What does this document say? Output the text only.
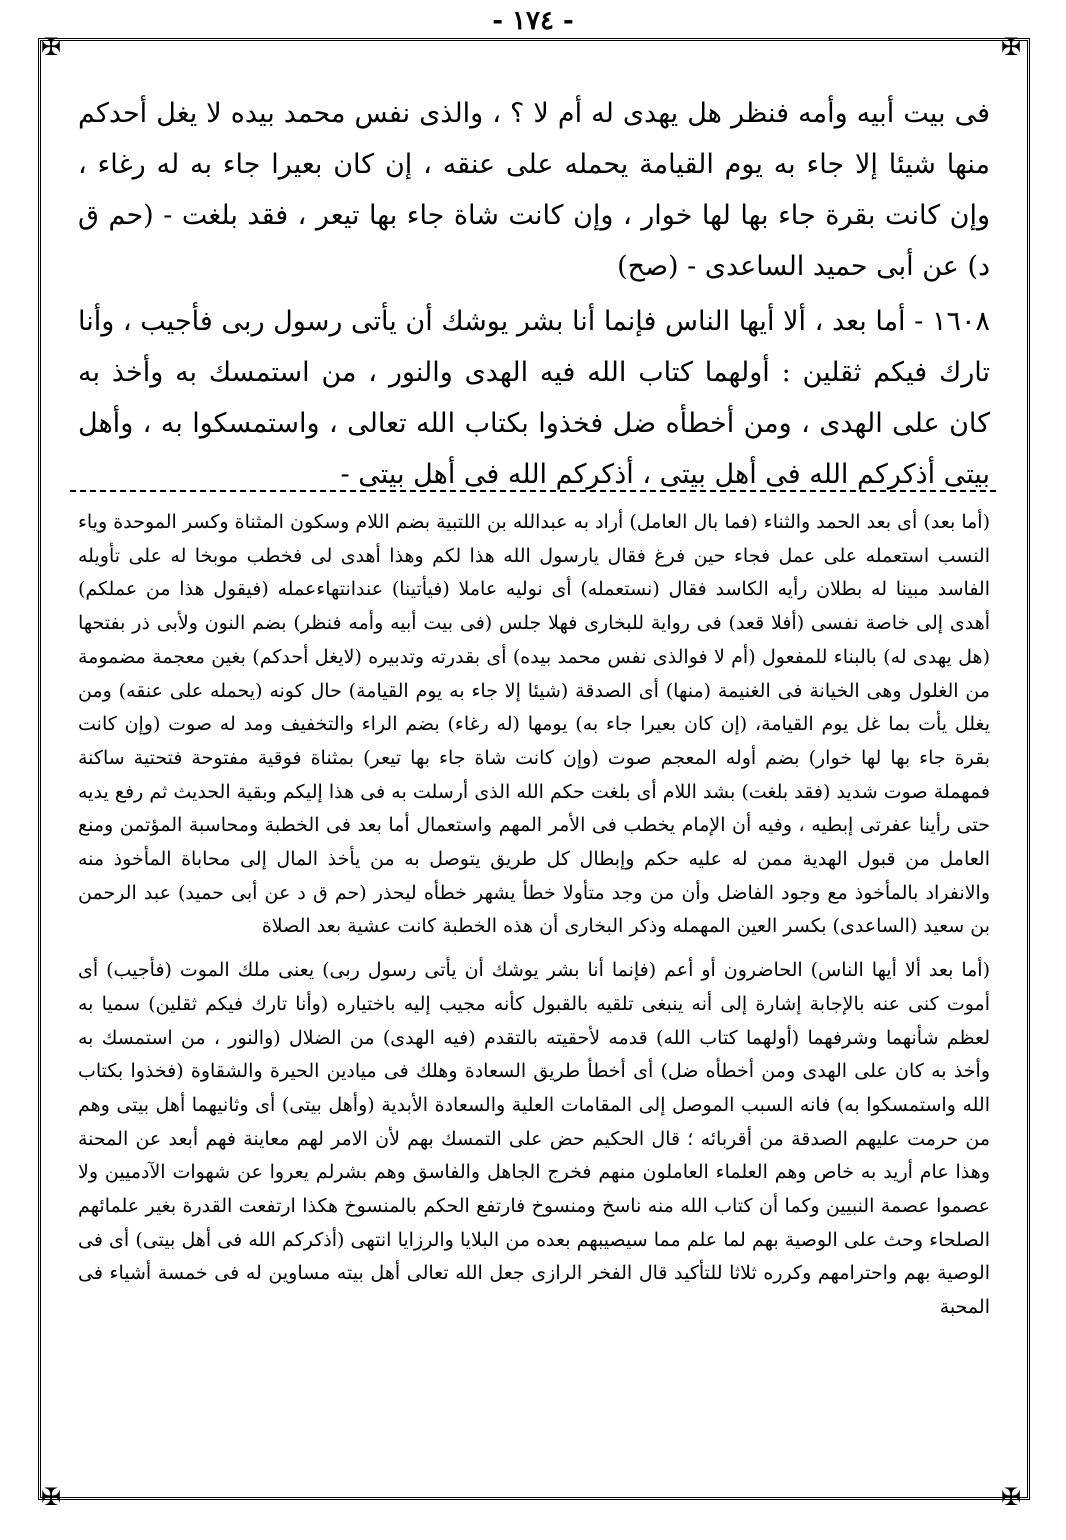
✠	✠
✠	✠
- ١٧٤ -

فى بيت أبيه وأمه فنظر هل يهدى له أم لا ؟ ، والذى نفس محمد بيده لا يغل أحدكم منها شيئا إلا جاء به يوم القيامة يحمله على عنقه ، إن كان بعيرا جاء به له رغاء ، وإن كانت بقرة جاء بها لها خوار ، وإن كانت شاة جاء بها تيعر ، فقد بلغت - (حم ق د) عن أبى حميد الساعدى - (صح)

١٦٠٨ - أما بعد ، ألا أيها الناس فإنما أنا بشر يوشك أن يأتى رسول ربى فأجيب ، وأنا تارك فيكم ثقلين : أولهما كتاب الله فيه الهدى والنور ، من استمسك به وأخذ به كان على الهدى ، ومن أخطأه ضل فخذوا بكتاب الله تعالى ، واستمسكوا به ، وأهل بيتى أذكركم الله فى أهل بيتى ، أذكركم الله فى أهل بيتى -

(أما بعد) أى بعد الحمد والثناء (فما بال العامل) أراد به عبدالله بن اللتبية بضم اللام وسكون المثناة وكسر الموحدة وياء النسب استعمله على عمل فجاء حين فرغ فقال يارسول الله هذا لكم وهذا أهدى لى فخطب موبخا له على تأويله الفاسد مبينا له بطلان رأيه الكاسد فقال (نستعمله) أى نوليه عاملا (فيأتينا) عندانتهاءعمله (فيقول هذا من عملكم) أهدى إلى خاصة نفسى (أفلا قعد) فى رواية للبخارى فهلا جلس (فى بيت أبيه وأمه فنظر) بضم النون ولأبى ذر بفتحها (هل يهدى له) بالبناء للمفعول (أم لا فوالذى نفس محمد بيده) أى بقدرته وتدبيره (لايغل أحدكم) بغين معجمة مضمومة من الغلول وهى الخيانة فى الغنيمة (منها) أى الصدقة (شيئا إلا جاء به يوم القيامة) حال كونه (يحمله على عنقه) ومن يغلل يأت بما غل يوم القيامة، (إن كان بعيرا جاء به) يومها (له رغاء) بضم الراء والتخفيف ومد له صوت (وإن كانت بقرة جاء بها لها خوار) بضم أوله المعجم صوت (وإن كانت شاة جاء بها تيعر) بمثناة فوقية مفتوحة فتحتية ساكنة فمهملة صوت شديد (فقد بلغت) بشد اللام أى بلغت حكم الله الذى أرسلت به فى هذا إليكم وبقية الحديث ثم رفع يديه حتى رأينا عفرتى إبطيه ، وفيه أن الإمام يخطب فى الأمر المهم واستعمال أما بعد فى الخطبة ومحاسبة المؤتمن ومنع العامل من قبول الهدية ممن له عليه حكم وإبطال كل طريق يتوصل به من يأخذ المال إلى محاباة المأخوذ منه والانفراد بالمأخوذ مع وجود الفاضل وأن من وجد متأولا خطأ يشهر خطأه ليحذر (حم ق د عن أبى حميد) عبد الرحمن بن سعيد (الساعدى) بكسر العين المهمله وذكر البخارى أن هذه الخطبة كانت عشية بعد الصلاة

(أما بعد ألا أيها الناس) الحاضرون أو أعم (فإنما أنا بشر يوشك أن يأتى رسول ربى) يعنى ملك الموت (فأجيب) أى أموت كنى عنه بالإجابة إشارة إلى أنه ينبغى تلقيه بالقبول كأنه مجيب إليه باختياره (وأنا تارك فيكم ثقلين) سميا به لعظم شأنهما وشرفهما (أولهما كتاب الله) قدمه لأحقيته بالتقدم (فيه الهدى) من الضلال (والنور ، من استمسك به وأخذ به كان على الهدى ومن أخطأه ضل) أى أخطأ طريق السعادة وهلك فى ميادين الحيرة والشقاوة (فخذوا بكتاب الله واستمسكوا به) فانه السبب الموصل إلى المقامات العلية والسعادة الأبدية (وأهل بيتى) أى وثانيهما أهل بيتى وهم من حرمت عليهم الصدقة من أقربائه ؛ قال الحكيم حض على التمسك بهم لأن الامر لهم معاينة فهم أبعد عن المحنة وهذا عام أريد به خاص وهم العلماء العاملون منهم فخرج الجاهل والفاسق وهم بشرلم يعروا عن شهوات الآدميين ولا عصموا عصمة النبيين وكما أن كتاب الله منه ناسخ ومنسوخ فارتفع الحكم بالمنسوخ هكذا ارتفعت القدرة بغير علمائهم الصلحاء وحث على الوصية بهم لما علم مما سيصيبهم بعده من البلايا والرزايا انتهى (أذكركم الله فى أهل بيتى) أى فى الوصية بهم واحترامهم وكرره ثلاثا للتأكيد قال الفخر الرازى جعل الله تعالى أهل بيته مساوين له فى خمسة أشياء فى المحبة
